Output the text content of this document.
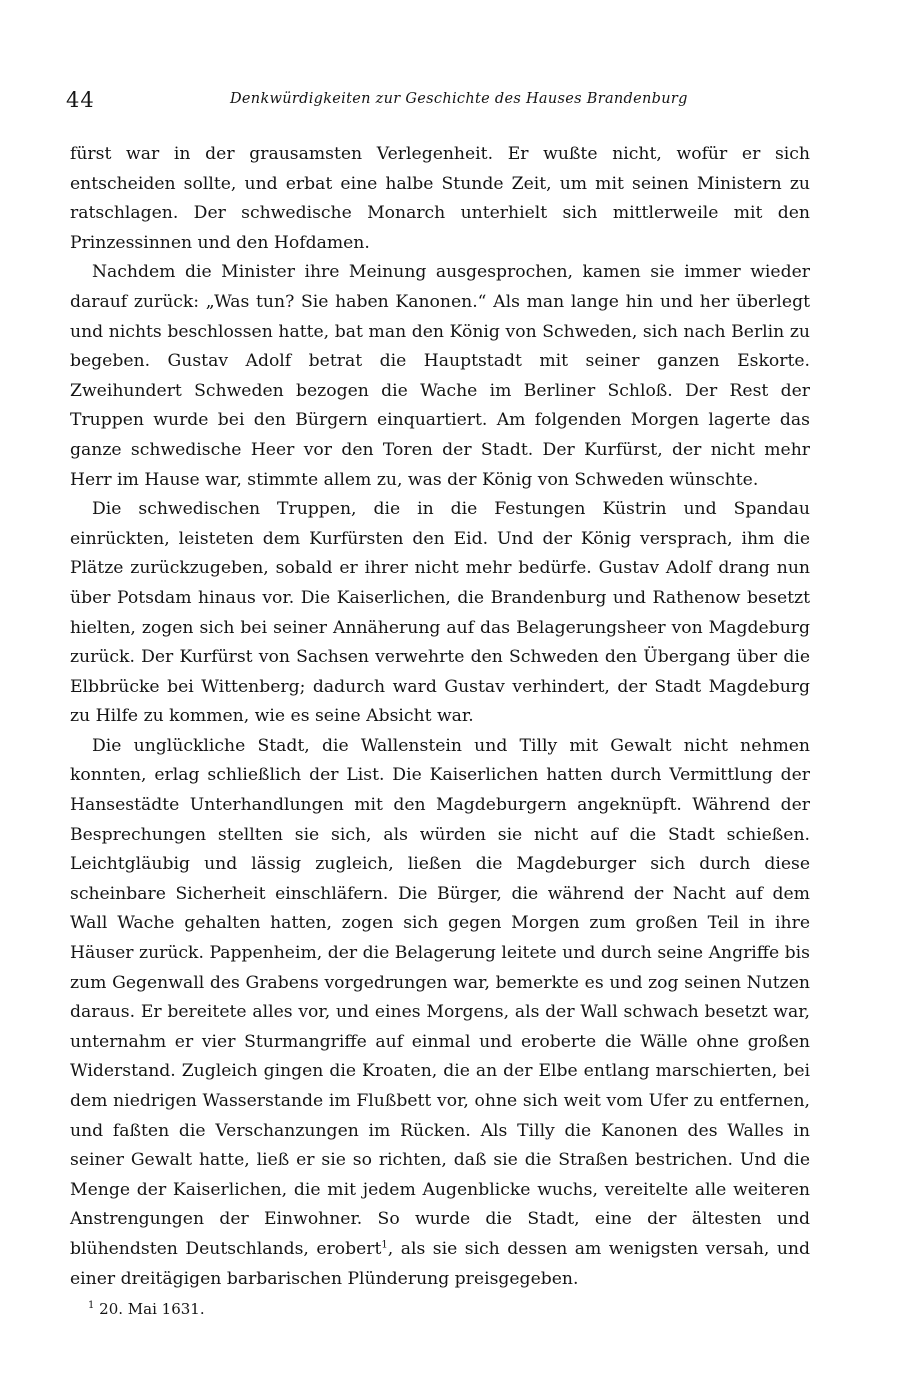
44	Denkwürdigkeiten zur Geschichte des Hauses Brandenburg

fürst war in der grausamsten Verlegenheit. Er wußte nicht, wofür er sich entscheiden sollte, und erbat eine halbe Stunde Zeit, um mit seinen Ministern zu ratschlagen. Der schwedische Monarch unterhielt sich mittlerweile mit den Prinzessinnen und den Hofdamen.

Nachdem die Minister ihre Meinung ausgesprochen, kamen sie immer wieder darauf zurück: „Was tun? Sie haben Kanonen.“ Als man lange hin und her überlegt und nichts beschlossen hatte, bat man den König von Schweden, sich nach Berlin zu begeben. Gustav Adolf betrat die Hauptstadt mit seiner ganzen Eskorte. Zweihundert Schweden bezogen die Wache im Berliner Schloß. Der Rest der Truppen wurde bei den Bürgern einquartiert. Am folgenden Morgen lagerte das ganze schwedische Heer vor den Toren der Stadt. Der Kurfürst, der nicht mehr Herr im Hause war, stimmte allem zu, was der König von Schweden wünschte.

Die schwedischen Truppen, die in die Festungen Küstrin und Spandau einrückten, leisteten dem Kurfürsten den Eid. Und der König versprach, ihm die Plätze zurückzugeben, sobald er ihrer nicht mehr bedürfe. Gustav Adolf drang nun über Potsdam hinaus vor. Die Kaiserlichen, die Brandenburg und Rathenow besetzt hielten, zogen sich bei seiner Annäherung auf das Belagerungsheer von Magdeburg zurück. Der Kurfürst von Sachsen verwehrte den Schweden den Übergang über die Elbbrücke bei Wittenberg; dadurch ward Gustav verhindert, der Stadt Magdeburg zu Hilfe zu kommen, wie es seine Absicht war.

Die unglückliche Stadt, die Wallenstein und Tilly mit Gewalt nicht nehmen konnten, erlag schließlich der List. Die Kaiserlichen hatten durch Vermittlung der Hansestädte Unterhandlungen mit den Magdeburgern angeknüpft. Während der Besprechungen stellten sie sich, als würden sie nicht auf die Stadt schießen. Leichtgläubig und lässig zugleich, ließen die Magdeburger sich durch diese scheinbare Sicherheit einschläfern. Die Bürger, die während der Nacht auf dem Wall Wache gehalten hatten, zogen sich gegen Morgen zum großen Teil in ihre Häuser zurück. Pappenheim, der die Belagerung leitete und durch seine Angriffe bis zum Gegenwall des Grabens vorgedrungen war, bemerkte es und zog seinen Nutzen daraus. Er bereitete alles vor, und eines Morgens, als der Wall schwach besetzt war, unternahm er vier Sturmangriffe auf einmal und eroberte die Wälle ohne großen Widerstand. Zugleich gingen die Kroaten, die an der Elbe entlang marschierten, bei dem niedrigen Wasserstande im Flußbett vor, ohne sich weit vom Ufer zu entfernen, und faßten die Verschanzungen im Rücken. Als Tilly die Kanonen des Walles in seiner Gewalt hatte, ließ er sie so richten, daß sie die Straßen bestrichen. Und die Menge der Kaiserlichen, die mit jedem Augenblicke wuchs, vereitelte alle weiteren Anstrengungen der Einwohner. So wurde die Stadt, eine der ältesten und blühendsten Deutschlands, erobert$^1$, als sie sich dessen am wenigsten versah, und einer dreitägigen barbarischen Plünderung preisgegeben.

$^1$ 20. Mai 1631.
